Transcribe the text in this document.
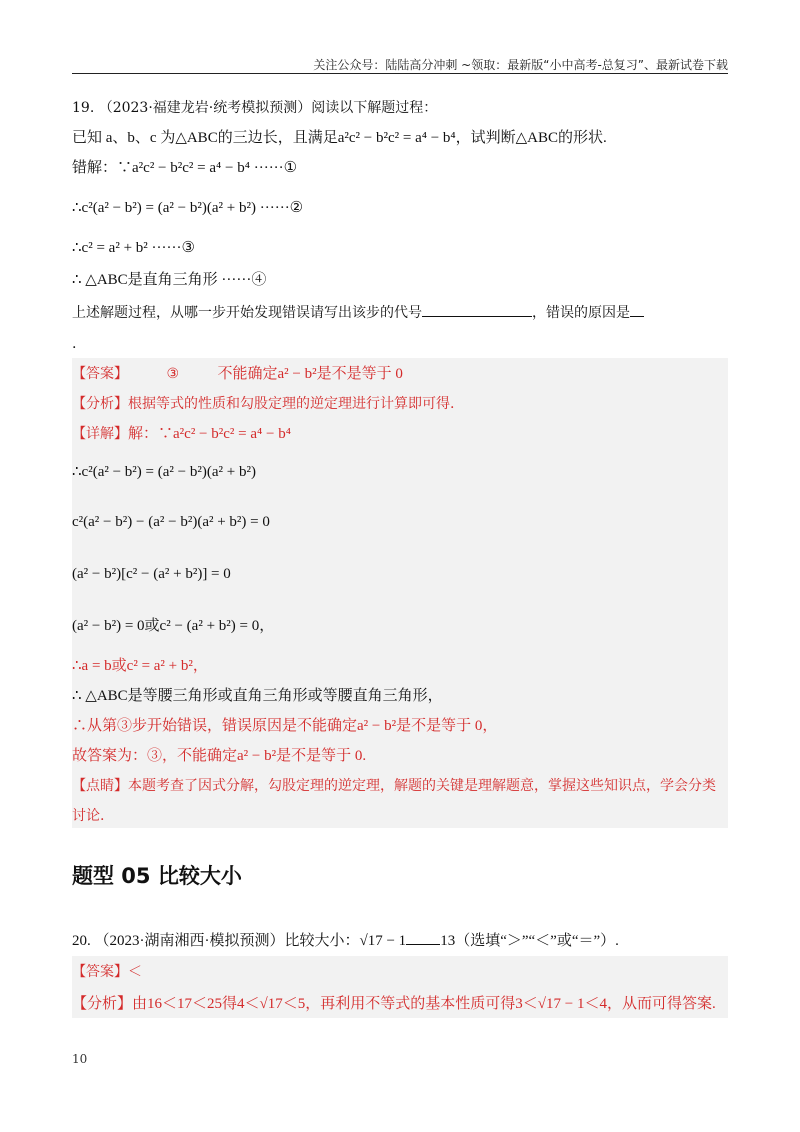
关注公众号：陆陆高分冲刺 ~领取：最新版“小中高考-总复习”、最新试卷下载
19. （2023·福建龙岩·统考模拟预测）阅读以下解题过程：
已知 a、b、c 为△ABC的三边长，且满足a²c² − b²c² = a⁴ − b⁴，试判断△ABC的形状.
错解：∵a²c² − b²c² = a⁴ − b⁴ ······①
∴c²(a² − b²) = (a² − b²)(a² + b²) ······②
∴c² = a² + b² ······③
∴ △ABC是直角三角形 ······④
上述解题过程，从哪一步开始发现错误请写出该步的代号	，错误的原因是
.
【答案】	③	不能确定a² − b²是不是等于 0
【分析】根据等式的性质和勾股定理的逆定理进行计算即可得.
【详解】解：∵a²c² − b²c² = a⁴ − b⁴
∴c²(a² − b²) = (a² − b²)(a² + b²)
c²(a² − b²) − (a² − b²)(a² + b²) = 0
(a² − b²)[c² − (a² + b²)] = 0
(a² − b²) = 0或c² − (a² + b²) = 0，
∴a = b或c² = a² + b²，
∴ △ABC是等腰三角形或直角三角形或等腰直角三角形，
∴从第③步开始错误，错误原因是不能确定a² − b²是不是等于 0，
故答案为：③，不能确定a² − b²是不是等于 0.
【点睛】本题考查了因式分解，勾股定理的逆定理，解题的关键是理解题意，掌握这些知识点，学会分类
讨论.
题型 05 比较大小
20. （2023·湖南湘西·模拟预测）比较大小：√17 − 1 13（选填“＞”“＜”或“＝”）.
【答案】＜
【分析】由16＜17＜25得4＜√17＜5，再利用不等式的基本性质可得3＜√17 − 1＜4，从而可得答案.
10
